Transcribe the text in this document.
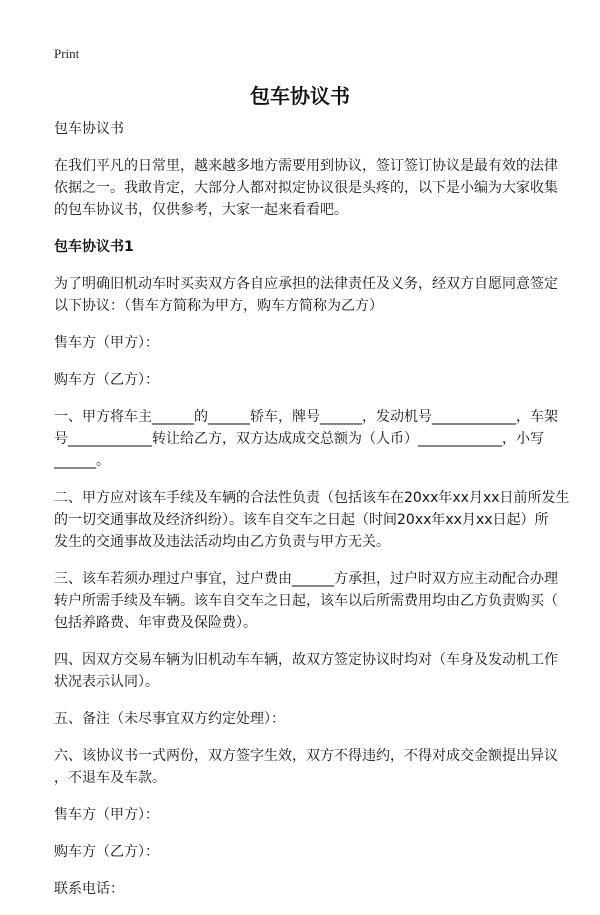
Print
包车协议书

包车协议书

在我们平凡的日常里，越来越多地方需要用到协议，签订签订协议是最有效的法律
依据之一。我敢肯定，大部分人都对拟定协议很是头疼的，以下是小编为大家收集
的包车协议书，仅供参考，大家一起来看看吧。

包车协议书1

为了明确旧机动车时买卖双方各自应承担的法律责任及义务，经双方自愿同意签定
以下协议：（售车方简称为甲方，购车方简称为乙方）

售车方（甲方）：

购车方（乙方）：

一、甲方将车主______的______轿车，牌号______，发动机号____________，车架
号____________转让给乙方，双方达成成交总额为（人币）____________，小写
______。

二、甲方应对该车手续及车辆的合法性负责（包括该车在20xx年xx月xx日前所发生
的一切交通事故及经济纠纷）。该车自交车之日起（时间20xx年xx月xx日起）所
发生的交通事故及违法活动均由乙方负责与甲方无关。

三、该车若须办理过户事宜，过户费由______方承担，过户时双方应主动配合办理
转户所需手续及车辆。该车自交车之日起，该车以后所需费用均由乙方负责购买（
包括养路费、年审费及保险费）。

四、因双方交易车辆为旧机动车车辆，故双方签定协议时均对（车身及发动机工作
状况表示认同）。

五、备注（未尽事宜双方约定处理）：

六、该协议书一式两份，双方签字生效，双方不得违约，不得对成交金额提出异议
，不退车及车款。

售车方（甲方）：

购车方（乙方）：

联系电话：
